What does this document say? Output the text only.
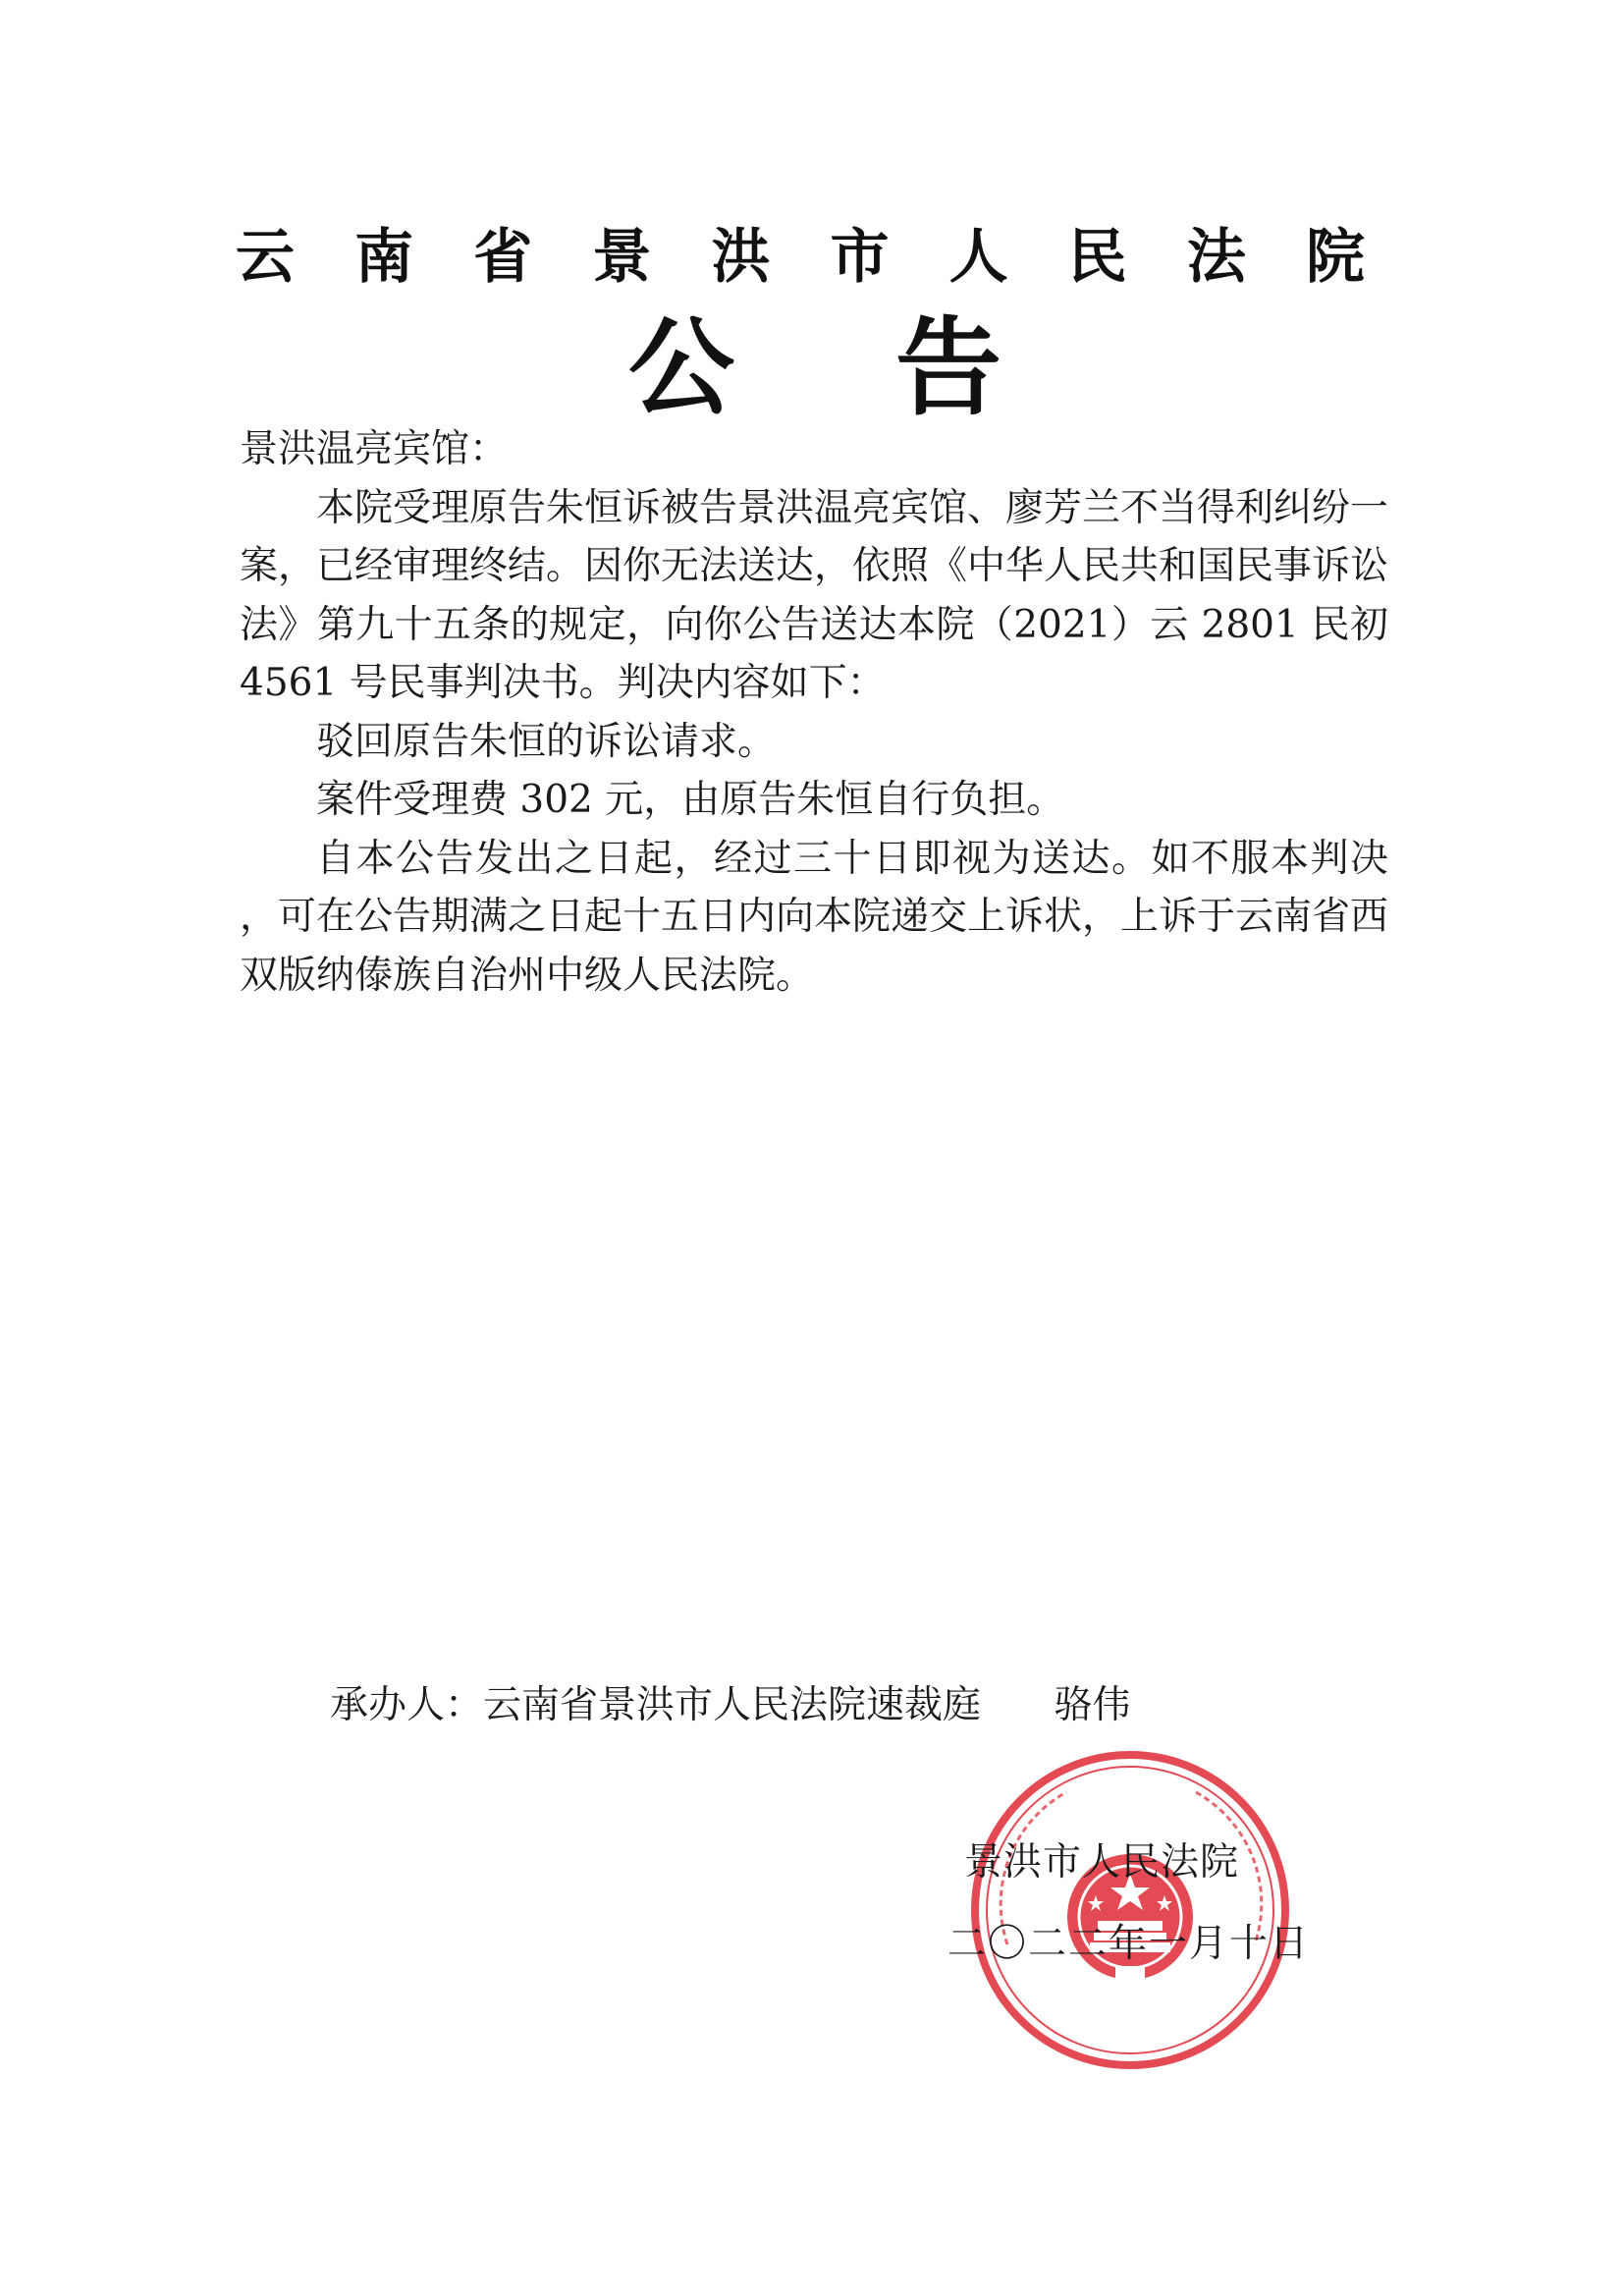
云 南 省 景 洪 市 人 民 法 院
公 告

景洪温亮宾馆：

本院受理原告朱恒诉被告景洪温亮宾馆、廖芳兰不当得利纠纷一案，已经审理终结。因你无法送达，依照《中华人民共和国民事诉讼法》第九十五条的规定，向你公告送达本院（2021）云 2801 民初 4561 号民事判决书。判决内容如下：

驳回原告朱恒的诉讼请求。

案件受理费 302 元，由原告朱恒自行负担。

自本公告发出之日起，经过三十日即视为送达。如不服本判决 ，可在公告期满之日起十五日内向本院递交上诉状，上诉于云南省西双版纳傣族自治州中级人民法院。

承办人：云南省景洪市人民法院速裁庭 骆伟
景洪市人民法院
二〇二二年一月十日
